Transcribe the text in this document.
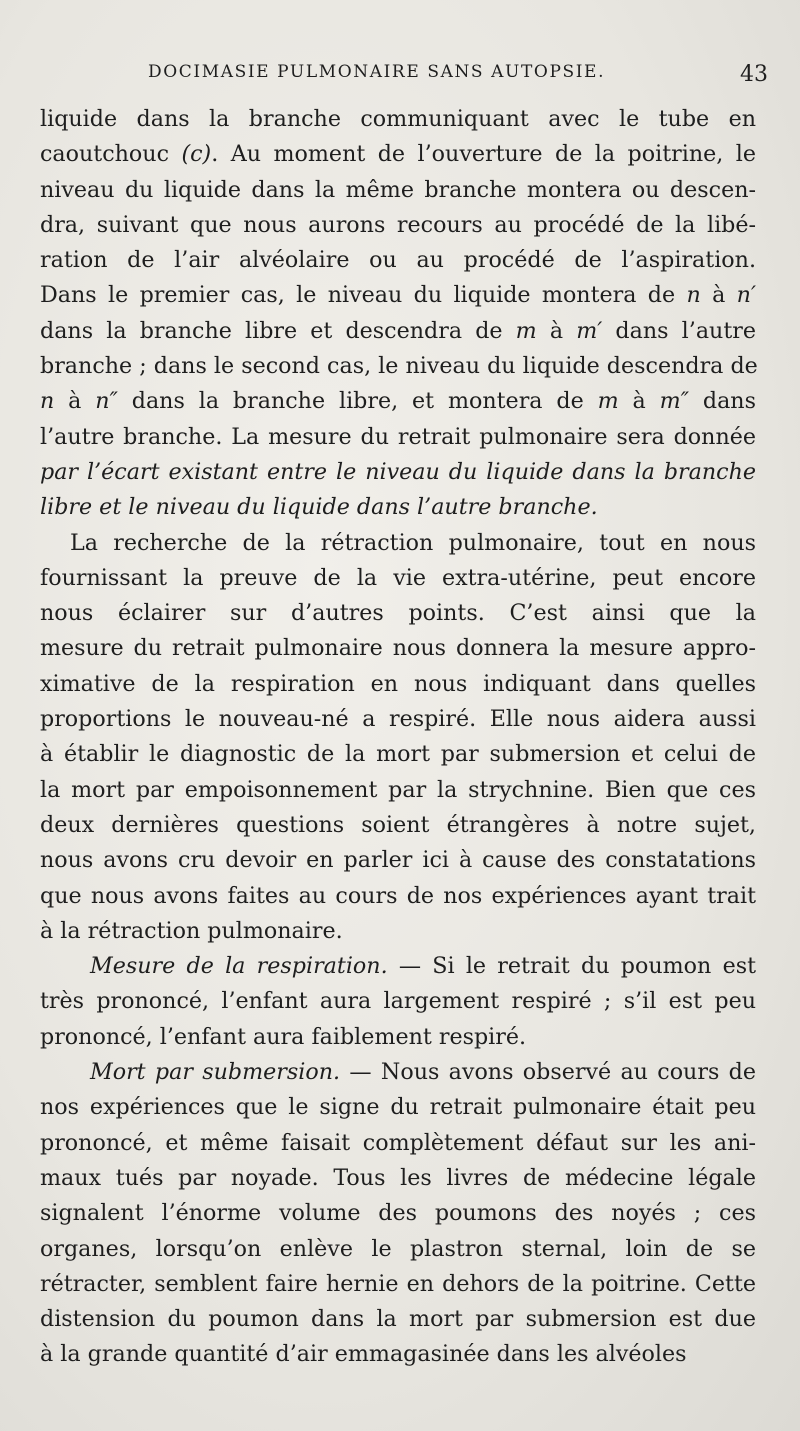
DOCIMASIE PULMONAIRE SANS AUTOPSIE.	43

liquide dans la branche communiquant avec le tube en
caoutchouc (c). Au moment de l’ouverture de la poitrine, le
niveau du liquide dans la même branche montera ou descen-
dra, suivant que nous aurons recours au procédé de la libé-
ration de l’air alvéolaire ou au procédé de l’aspiration.
Dans le premier cas, le niveau du liquide montera de n à n′
dans la branche libre et descendra de m à m′ dans l’autre
branche ; dans le second cas, le niveau du liquide descendra de
n à n″ dans la branche libre, et montera de m à m″ dans
l’autre branche. La mesure du retrait pulmonaire sera donnée
par l’écart existant entre le niveau du liquide dans la branche
libre et le niveau du liquide dans l’autre branche.

La recherche de la rétraction pulmonaire, tout en nous
fournissant la preuve de la vie extra-utérine, peut encore
nous éclairer sur d’autres points. C’est ainsi que la
mesure du retrait pulmonaire nous donnera la mesure appro-
ximative de la respiration en nous indiquant dans quelles
proportions le nouveau-né a respiré. Elle nous aidera aussi
à établir le diagnostic de la mort par submersion et celui de
la mort par empoisonnement par la strychnine. Bien que ces
deux dernières questions soient étrangères à notre sujet,
nous avons cru devoir en parler ici à cause des constatations
que nous avons faites au cours de nos expériences ayant trait
à la rétraction pulmonaire.

Mesure de la respiration. — Si le retrait du poumon est
très prononcé, l’enfant aura largement respiré ; s’il est peu
prononcé, l’enfant aura faiblement respiré.

Mort par submersion. — Nous avons observé au cours de
nos expériences que le signe du retrait pulmonaire était peu
prononcé, et même faisait complètement défaut sur les ani-
maux tués par noyade. Tous les livres de médecine légale
signalent l’énorme volume des poumons des noyés ; ces
organes, lorsqu’on enlève le plastron sternal, loin de se
rétracter, semblent faire hernie en dehors de la poitrine. Cette
distension du poumon dans la mort par submersion est due
à la grande quantité d’air emmagasinée dans les alvéoles
